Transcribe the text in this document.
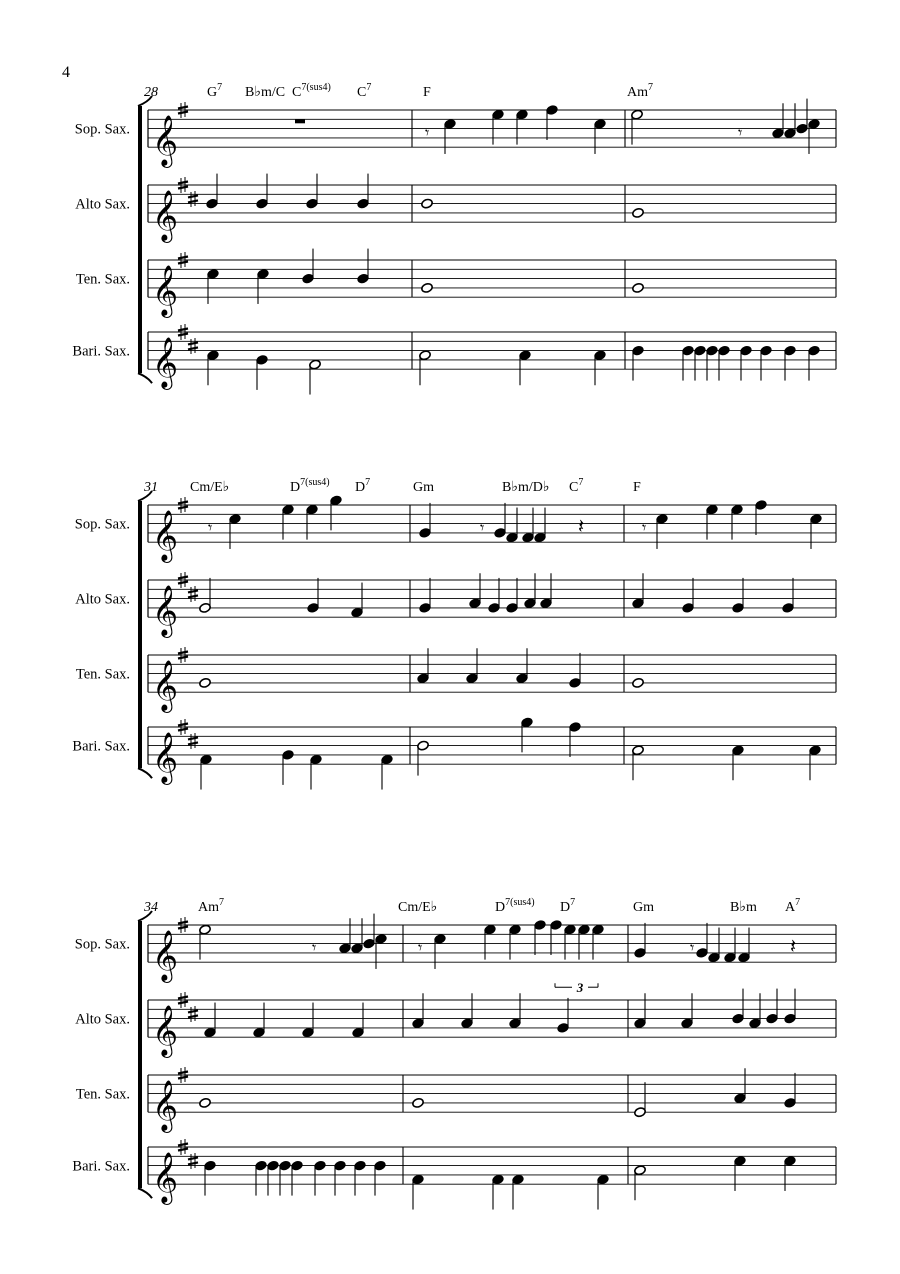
4
𝄞
Sop. Sax.	𝄾	𝄾
𝄞
Alto Sax.
𝄞
Ten. Sax.
𝄞
Bari. Sax.
28	$G^7$ B♭m/C $C^{7(sus4)}$ $C^7$	F	Am$^7$
𝄞
Sop. Sax.	𝄾	𝄾	𝄽	𝄾
𝄞
Alto Sax.
𝄞
Ten. Sax.
𝄞
Bari. Sax.
31 Cm/E♭	$D^{7(sus4)}$ $D^7$	Gm	B♭m/D♭ $C^7$	F
𝄞
Sop. Sax.	𝄾	𝄾	𝄾	𝄽
𝄞
Alto Sax.
𝄞
Ten. Sax.
𝄞
Bari. Sax.
34	Am$^7$	Cm/E♭	$D^{7(sus4)}$ $D^7$
3
Gm	B♭m $A^7$
